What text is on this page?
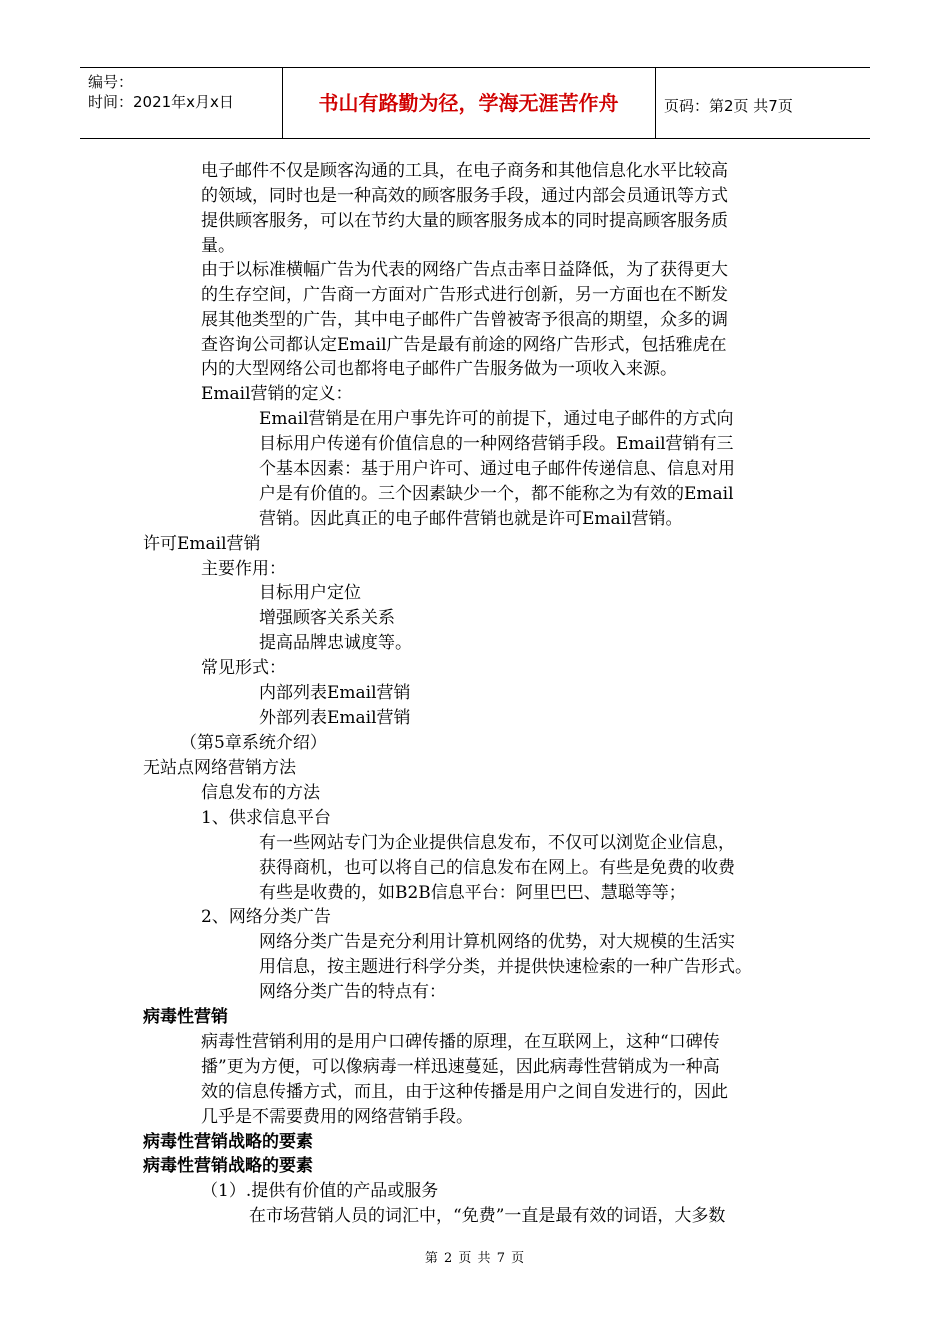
编号：
时间：2021年x月x日	书山有路勤为径，学海无涯苦作舟	页码：第2页 共7页
电子邮件不仅是顾客沟通的工具，在电子商务和其他信息化水平比较高
的领域，同时也是一种高效的顾客服务手段，通过内部会员通讯等方式
提供顾客服务，可以在节约大量的顾客服务成本的同时提高顾客服务质
量。
由于以标准横幅广告为代表的网络广告点击率日益降低，为了获得更大
的生存空间，广告商一方面对广告形式进行创新，另一方面也在不断发
展其他类型的广告，其中电子邮件广告曾被寄予很高的期望，众多的调
查咨询公司都认定Email广告是最有前途的网络广告形式，包括雅虎在
内的大型网络公司也都将电子邮件广告服务做为一项收入来源。
Email营销的定义：
Email营销是在用户事先许可的前提下，通过电子邮件的方式向
目标用户传递有价值信息的一种网络营销手段。Email营销有三
个基本因素：基于用户许可、通过电子邮件传递信息、信息对用
户是有价值的。三个因素缺少一个，都不能称之为有效的Email
营销。因此真正的电子邮件营销也就是许可Email营销。
许可Email营销
主要作用：
目标用户定位
增强顾客关系关系
提高品牌忠诚度等。
常见形式：
内部列表Email营销
外部列表Email营销
（第5章系统介绍）
无站点网络营销方法
信息发布的方法
1、供求信息平台
有一些网站专门为企业提供信息发布，不仅可以浏览企业信息，
获得商机，也可以将自己的信息发布在网上。有些是免费的收费
有些是收费的，如B2B信息平台：阿里巴巴、慧聪等等；
2、网络分类广告
网络分类广告是充分利用计算机网络的优势，对大规模的生活实
用信息，按主题进行科学分类，并提供快速检索的一种广告形式。
网络分类广告的特点有：
病毒性营销
病毒性营销利用的是用户口碑传播的原理，在互联网上，这种“口碑传
播”更为方便，可以像病毒一样迅速蔓延，因此病毒性营销成为一种高
效的信息传播方式，而且，由于这种传播是用户之间自发进行的，因此
几乎是不需要费用的网络营销手段。
病毒性营销战略的要素
病毒性营销战略的要素
（1）.提供有价值的产品或服务
在市场营销人员的词汇中，“免费”一直是最有效的词语，大多数
第 2 页 共 7 页
